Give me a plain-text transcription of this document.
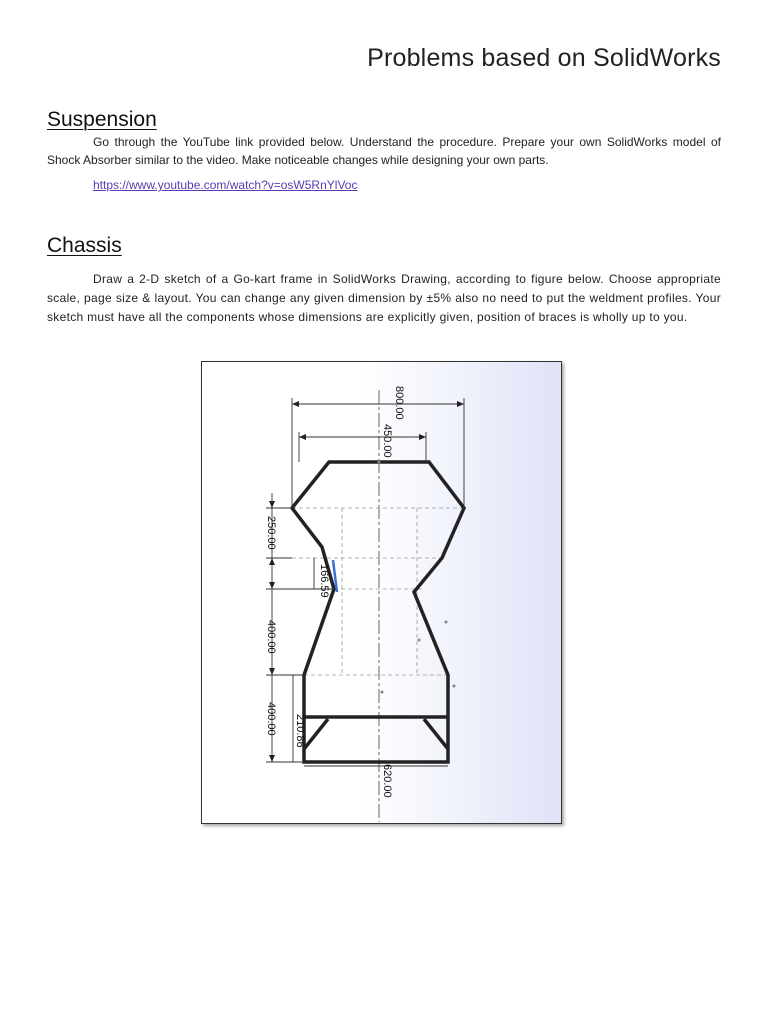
Problems based on SolidWorks
Suspension
Go through the YouTube link provided below. Understand the procedure. Prepare your own SolidWorks model of Shock Absorber similar to the video. Make noticeable changes while designing your own parts.
https://www.youtube.com/watch?v=osW5RnYlVoc
Chassis
Draw a 2-D sketch of a Go-kart frame in SolidWorks Drawing, according to figure below. Choose appropriate scale, page size & layout. You can change any given dimension by ±5% also no need to put the weldment profiles. Your sketch must have all the components whose dimensions are explicitly given, position of braces is wholly up to you.
800.00
450.00
250.00
166.59
400.00
400.00 210.86
620.00
